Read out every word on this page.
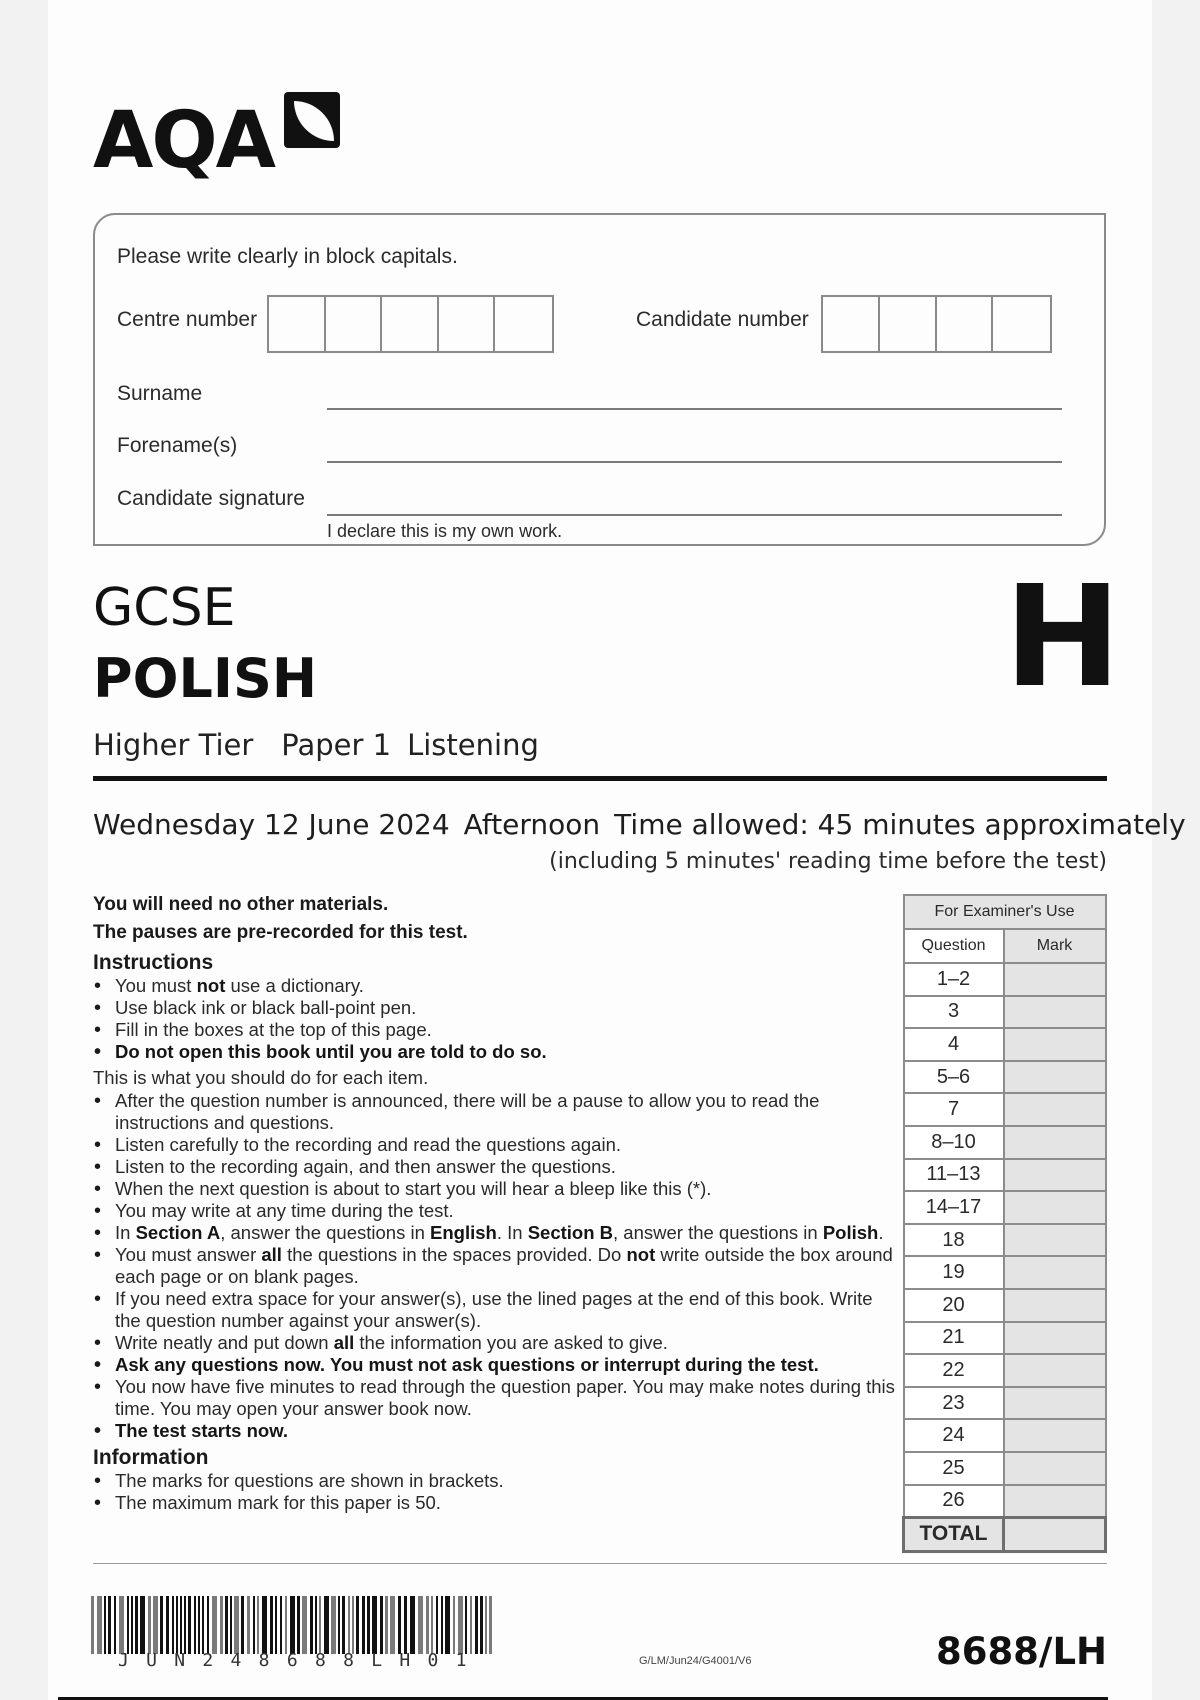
AQA
Please write clearly in block capitals.
Centre number	Candidate number
Surname
Forename(s)
Candidate signature
I declare this is my own work.
GCSE
POLISH
Higher Tier Paper 1 Listening
H
Wednesday 12 June 2024 Afternoon Time allowed: 45 minutes approximately
(including 5 minutes' reading time before the test)
You will need no other materials.
The pauses are pre-recorded for this test.
Instructions
• You must not use a dictionary.
• Use black ink or black ball-point pen.
• Fill in the boxes at the top of this page.
• Do not open this book until you are told to do so.
This is what you should do for each item.
• After the question number is announced, there will be a pause to allow you to read the instructions and questions.
• Listen carefully to the recording and read the questions again.
• Listen to the recording again, and then answer the questions.
• When the next question is about to start you will hear a bleep like this (*).
• You may write at any time during the test.
• In Section A, answer the questions in English. In Section B, answer the questions in Polish.
• You must answer all the questions in the spaces provided. Do not write outside the box around each page or on blank pages.
• If you need extra space for your answer(s), use the lined pages at the end of this book. Write the question number against your answer(s).
• Write neatly and put down all the information you are asked to give.
• Ask any questions now. You must not ask questions or interrupt during the test.
• You now have five minutes to read through the question paper. You may make notes during this time. You may open your answer book now.
• The test starts now.
Information
• The marks for questions are shown in brackets.
• The maximum mark for this paper is 50.
For Examiner's Use	
Question	Mark
1–2	
3	
4	
5–6	
7	
8–10	
11–13	
14–17	
18	
19	
20	
21	
22	
23	
24	
25	
26	
TOTAL	
JUN248688LH01	G/LM/Jun24/G4001/V6	8688/LH
